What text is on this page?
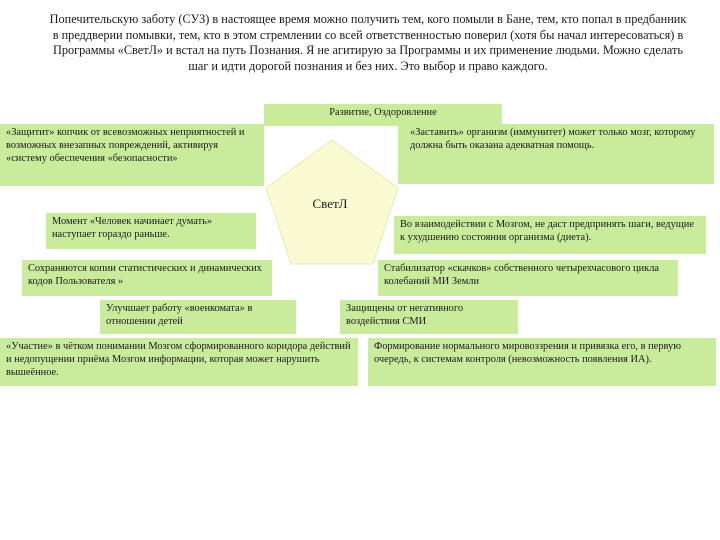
Попечительскую заботу (СУЗ) в настоящее время можно получить тем, кого помыли в Бане, тем, кто попал в предбанник в преддверии помывки, тем, кто в этом стремлении со всей ответственностью поверил (хотя бы начал интересоваться) в Программы «СветЛ» и встал на путь Познания. Я не агитирую за Программы и их применение людьми. Можно сделать шаг и идти дорогой познания и без них. Это выбор и право каждого.

СветЛ
Развитие, Оздоровление
«Защитит» копчик от всевозможных неприятностей и возможных внезапных повреждений, активируя «систему обеспечения «безопасности»
«Заставить» организм (иммунитет) может только мозг, которому должна быть оказана адекватная помощь.
Момент «Человек начинает думать» наступает гораздо раньше.
Во взаимодействии с Мозгом, не даст предпринять шаги, ведущие к ухудшению состояния организма (диета).
Сохраняются копии статистических и динамических кодов Пользователя »
Стабилизатор «скачков» собственного четырехчасового цикла колебаний МИ Земли
Улучшает работу «военкомата» в отношении детей
Защищены от негативного воздействия СМИ
«Участие» в чётком понимании Мозгом сформированного коридора действий и недопущении приёма Мозгом информации, которая может нарушить вышеённое.
Формирование нормального мировоззрения и привязка его, в первую очередь, к системам контроля (невозможность появления ИА).
